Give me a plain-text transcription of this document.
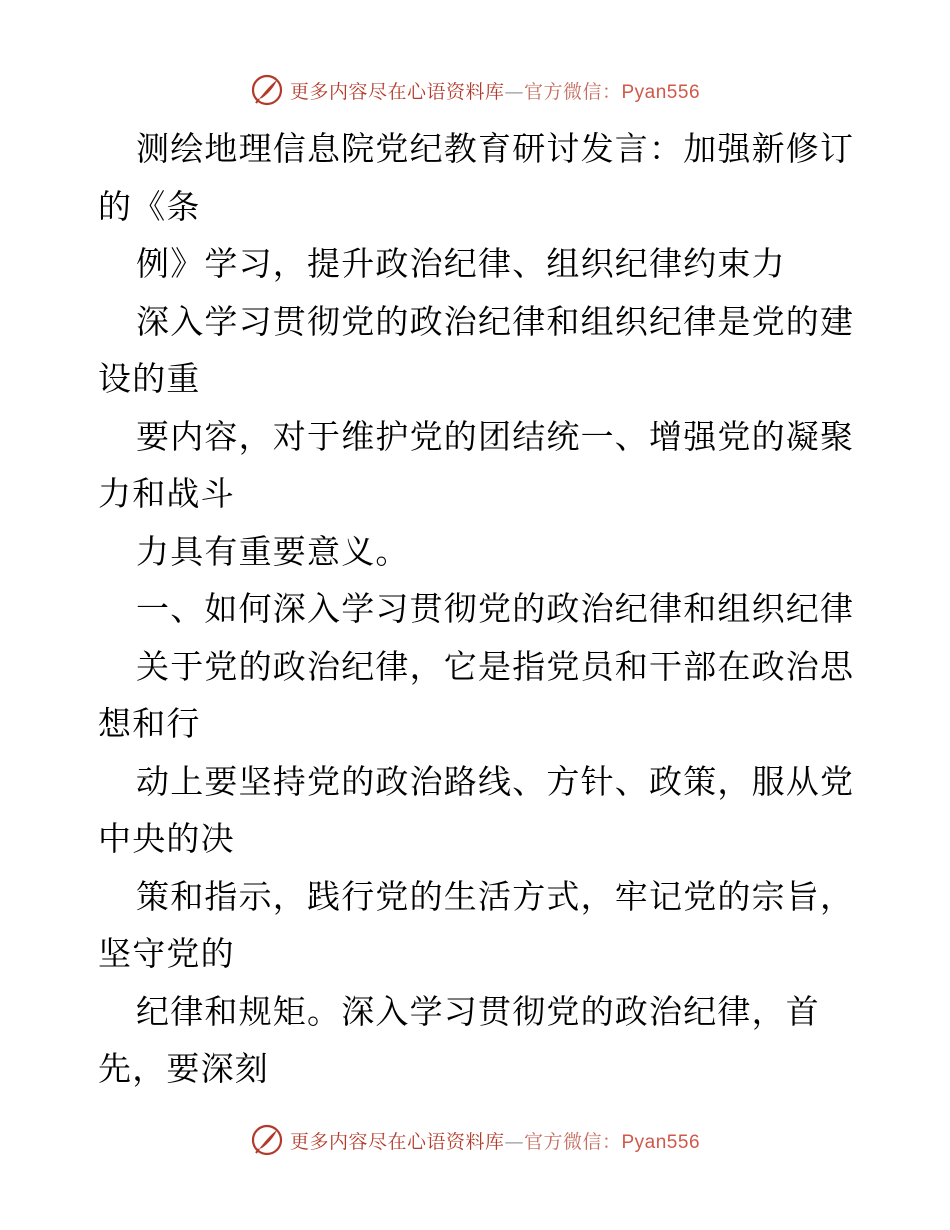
更多内容尽在心语资料库—官方微信：Pyan556
测绘地理信息院党纪教育研讨发言：加强新修订
的《条
例》学习，提升政治纪律、组织纪律约束力
深入学习贯彻党的政治纪律和组织纪律是党的建
设的重
要内容，对于维护党的团结统一、增强党的凝聚
力和战斗
力具有重要意义。
一、如何深入学习贯彻党的政治纪律和组织纪律
关于党的政治纪律，它是指党员和干部在政治思
想和行
动上要坚持党的政治路线、方针、政策，服从党
中央的决
策和指示，践行党的生活方式，牢记党的宗旨，
坚守党的
纪律和规矩。深入学习贯彻党的政治纪律，首
先，要深刻
更多内容尽在心语资料库—官方微信：Pyan556
